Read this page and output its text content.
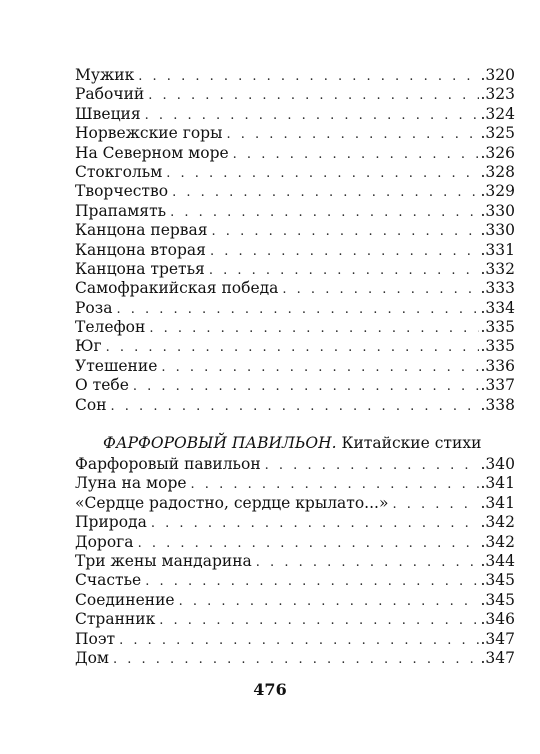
Мужик . . .	.320
Рабочий . . .	.323
Швеция . . .	.324
Норвежские горы . . .	.325
На Северном море . . .	.326
Стокгольм . . .	.328
Творчество . . .	.329
Прапамять . . .	.330
Канцона первая . . .	.330
Канцона вторая . . .	.331
Канцона третья . . .	.332
Самофракийская победа . . .	.333
Роза . . .	.334
Телефон . . .	.335
Юг . . .	.335
Утешение . . .	.336
О тебе . . .	.337
Сон . . .	.338
ФАРФОРОВЫЙ ПАВИЛЬОН. Китайские стихи
Фарфоровый павильон . . .	.340
Луна на море . . .	.341
«Сердце радостно, сердце крылато...» . . .	.341
Природа . . .	.342
Дорога . . .	.342
Три жены мандарина . . .	.344
Счастье . . .	.345
Соединение . . .	.345
Странник . . .	.346
Поэт . . .	.347
Дом . . .	.347
476
